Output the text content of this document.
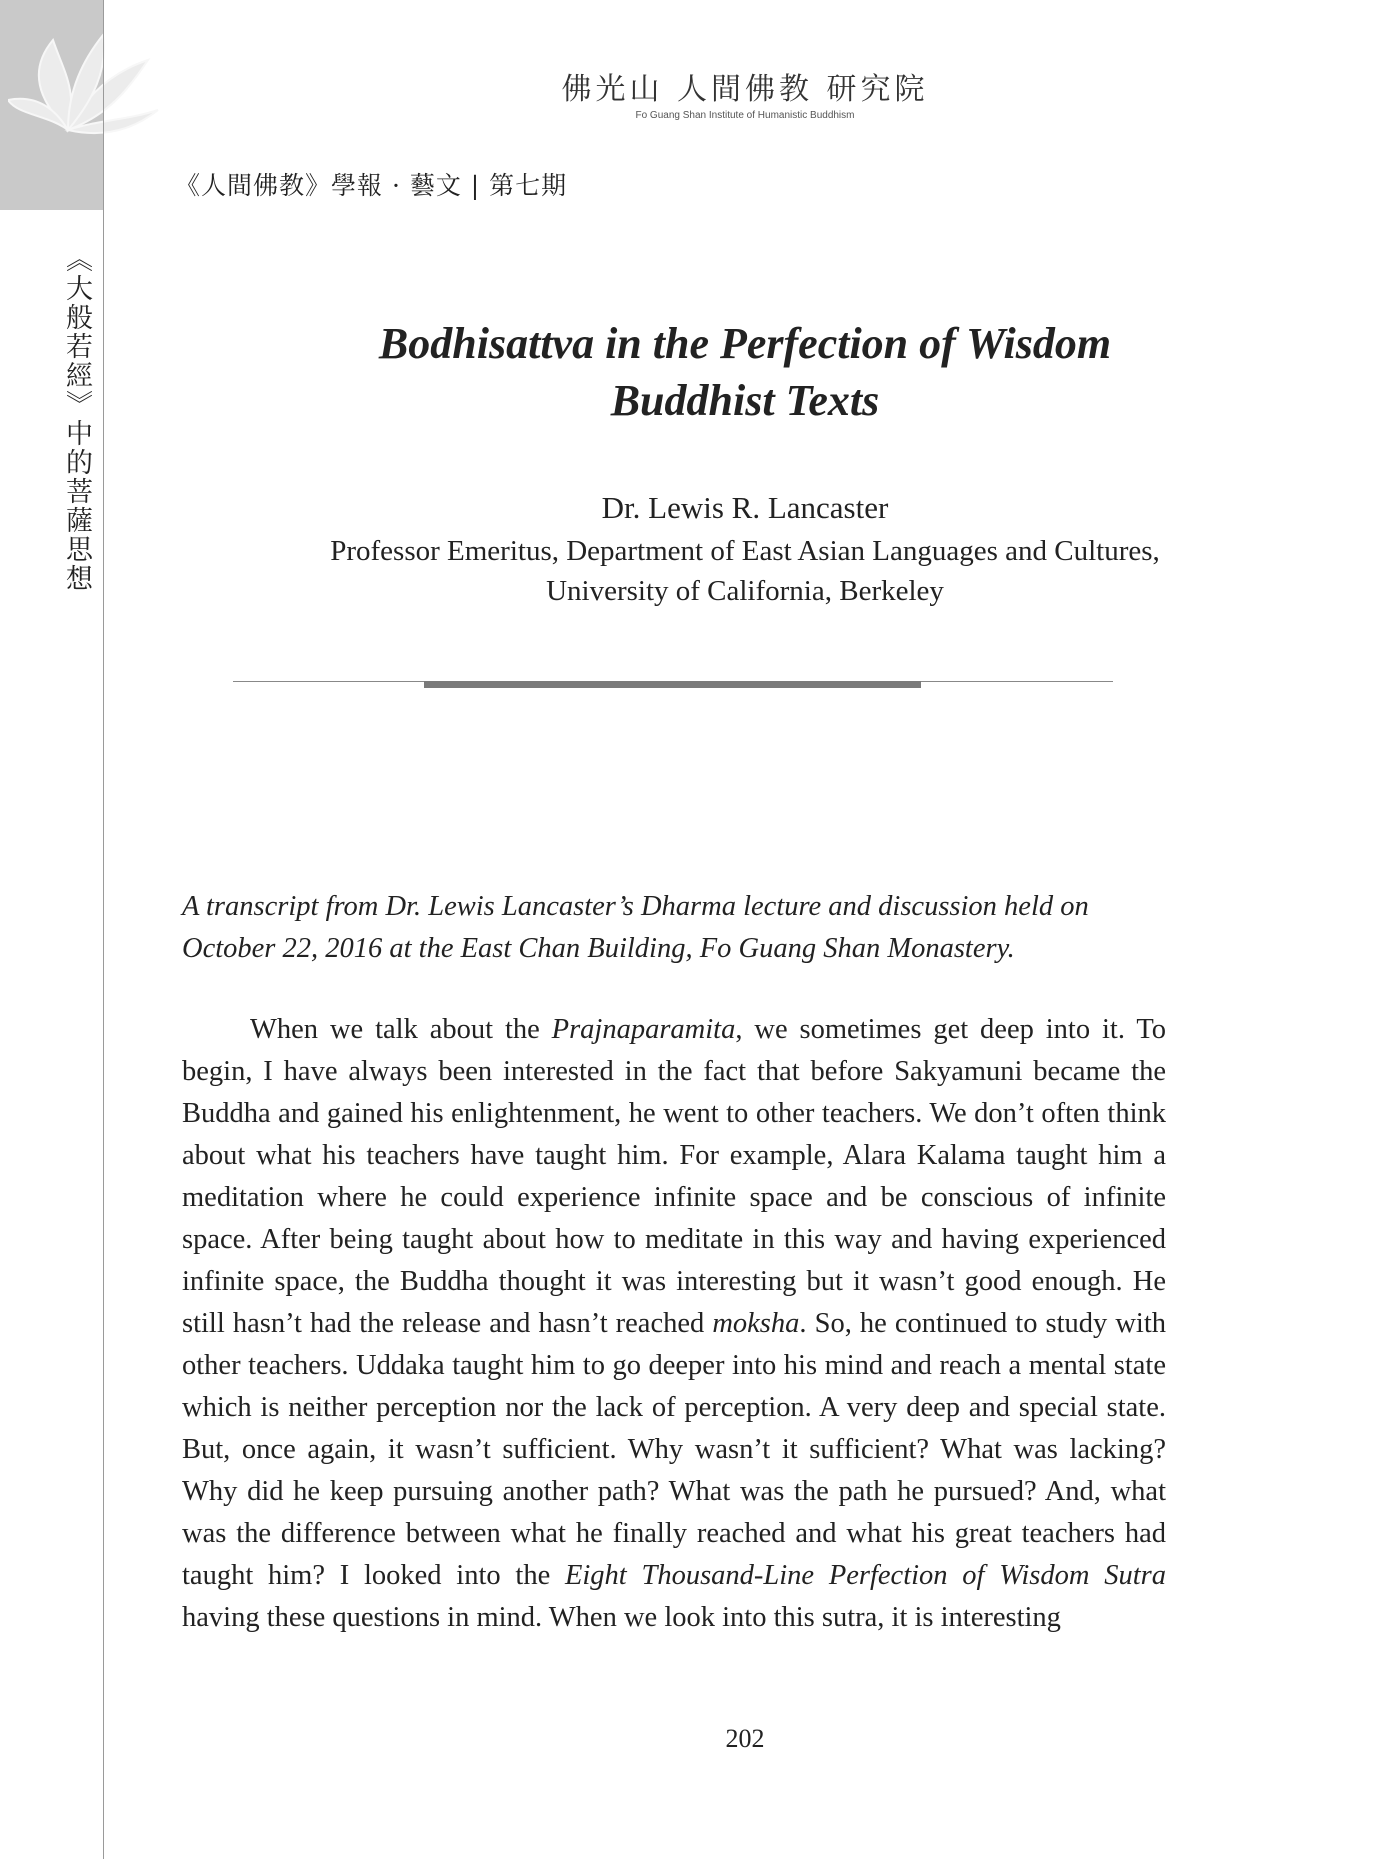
《大般若經》中的菩薩思想
佛光山 人間佛教 研究院
Fo Guang Shan Institute of Humanistic Buddhism
《人間佛教》學報 · 藝文 | 第七期
Bodhisattva in the Perfection of Wisdom
Buddhist Texts
Dr. Lewis R. Lancaster
Professor Emeritus, Department of East Asian Languages and Cultures,
University of California, Berkeley
A transcript from Dr. Lewis Lancaster’s Dharma lecture and discussion held on October 22, 2016 at the East Chan Building, Fo Guang Shan Monastery.
When we talk about the Prajnaparamita, we sometimes get deep into it. To begin, I have always been interested in the fact that before Sakyamuni became the Buddha and gained his enlightenment, he went to other teachers. We don’t often think about what his teachers have taught him. For example, Alara Kalama taught him a meditation where he could experience infinite space and be conscious of infinite space. After being taught about how to meditate in this way and having experienced infinite space, the Buddha thought it was interesting but it wasn’t good enough. He still hasn’t had the release and hasn’t reached moksha. So, he continued to study with other teachers. Uddaka taught him to go deeper into his mind and reach a mental state which is neither perception nor the lack of perception. A very deep and special state. But, once again, it wasn’t sufficient. Why wasn’t it sufficient? What was lacking? Why did he keep pursuing another path? What was the path he pursued? And, what was the difference between what he finally reached and what his great teachers had taught him? I looked into the Eight Thousand-Line Perfection of Wisdom Sutra having these questions in mind. When we look into this sutra, it is interesting
202
